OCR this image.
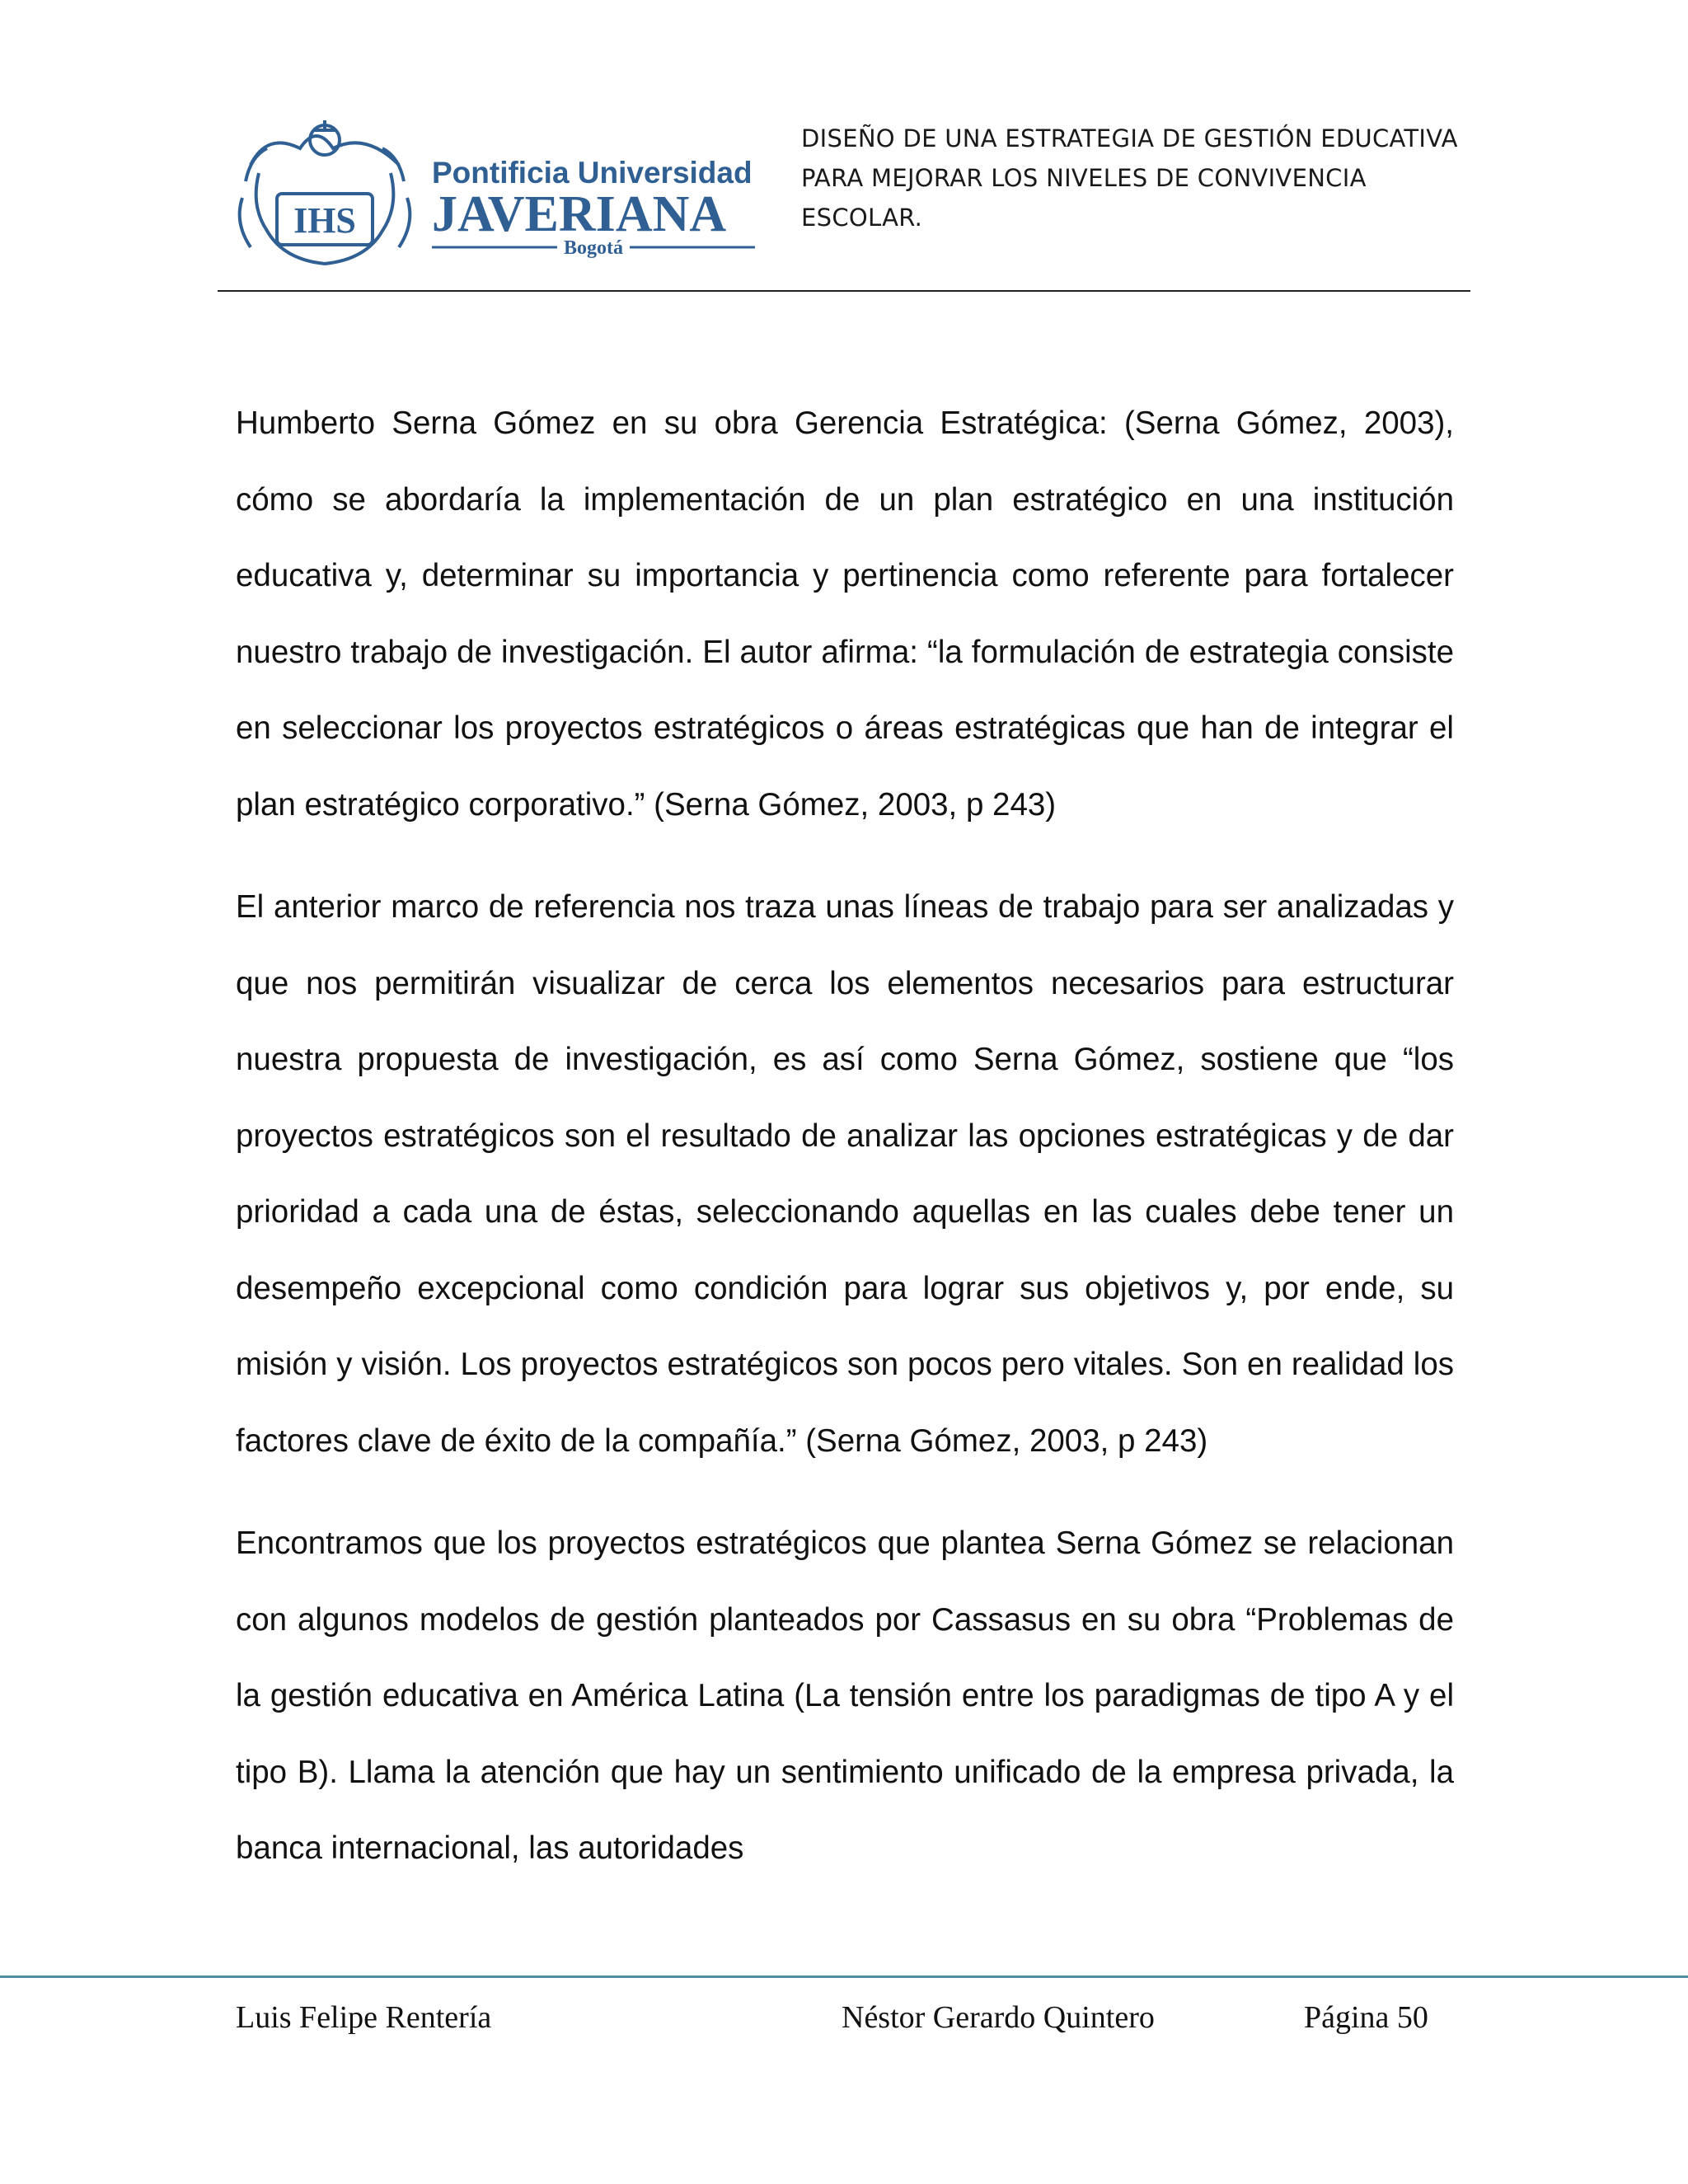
IHS
Pontificia Universidad
JAVERIANA
Bogotá
DISEÑO DE UNA ESTRATEGIA DE GESTIÓN EDUCATIVA
PARA MEJORAR LOS NIVELES DE CONVIVENCIA ESCOLAR.

Humberto Serna Gómez en su obra Gerencia Estratégica: (Serna Gómez, 2003), cómo se abordaría la implementación de un plan estratégico en una institución educativa y, determinar su importancia y pertinencia como referente para fortalecer nuestro trabajo de investigación. El autor afirma: “la formulación de estrategia consiste en seleccionar los proyectos estratégicos o áreas estratégicas que han de integrar el plan estratégico corporativo.” (Serna Gómez, 2003, p 243)

El anterior marco de referencia nos traza unas líneas de trabajo para ser analizadas y que nos permitirán visualizar de cerca los elementos necesarios para estructurar nuestra propuesta de investigación, es así como Serna Gómez, sostiene que “los proyectos estratégicos son el resultado de analizar las opciones estratégicas y de dar prioridad a cada una de éstas, seleccionando aquellas en las cuales debe tener un desempeño excepcional como condición para lograr sus objetivos y, por ende, su misión y visión. Los proyectos estratégicos son pocos pero vitales. Son en realidad los factores clave de éxito de la compañía.” (Serna Gómez, 2003, p 243)

Encontramos que los proyectos estratégicos que plantea Serna Gómez se relacionan con algunos modelos de gestión planteados por Cassasus en su obra “Problemas de la gestión educativa en América Latina (La tensión entre los paradigmas de tipo A y el tipo B). Llama la atención que hay un sentimiento unificado de la empresa privada, la banca internacional, las autoridades

Luis Felipe Rentería	Néstor Gerardo Quintero	Página 50
